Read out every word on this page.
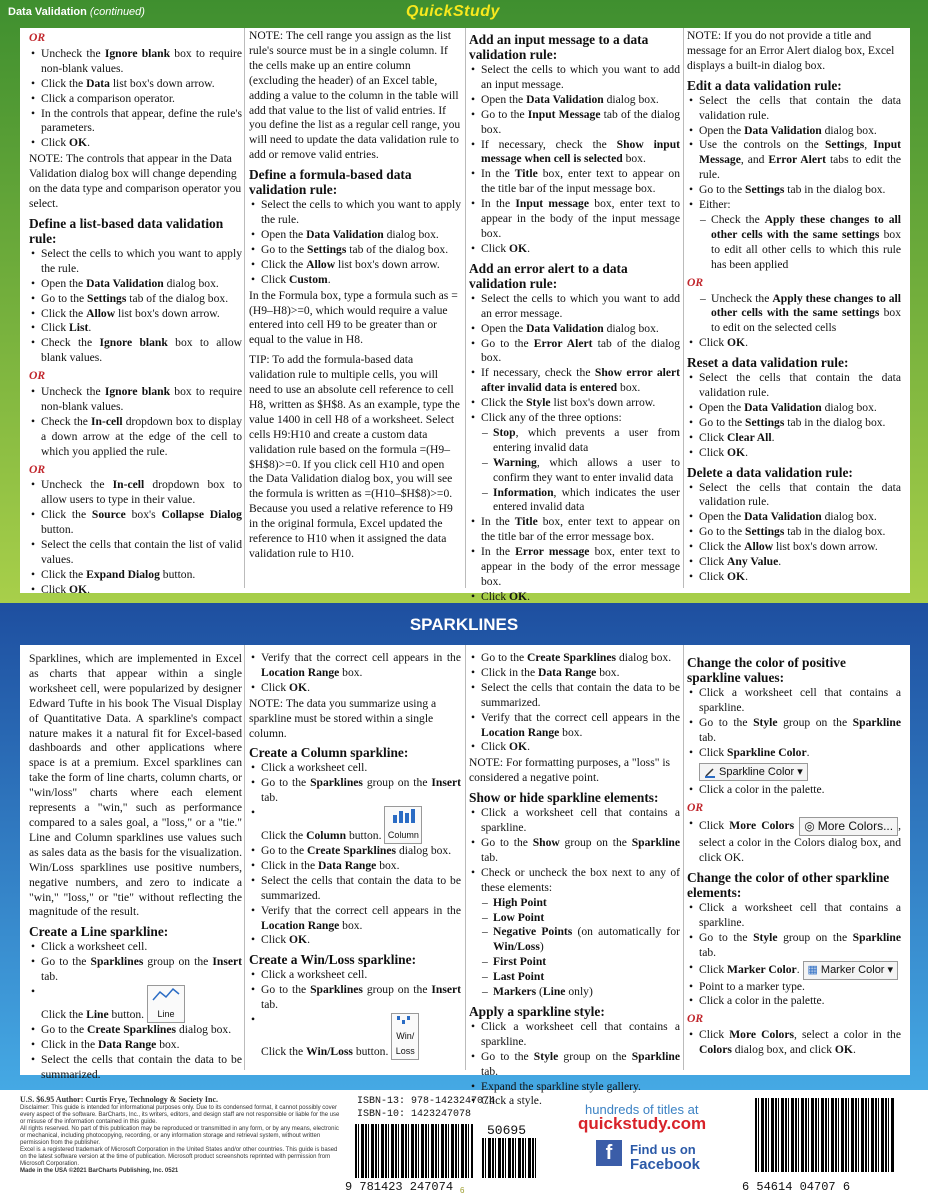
Data Validation (continued)	QuickStudy
OR
• Uncheck the Ignore blank box to require non-blank values.
• Click the Data list box's down arrow.
• Click a comparison operator.
• In the controls that appear, define the rule's parameters.
• Click OK.

NOTE: The controls that appear in the Data Validation dialog box will change depending on the data type and comparison operator you select.

Define a list-based data validation rule:
• Select the cells to which you want to apply the rule.
• Open the Data Validation dialog box.
• Go to the Settings tab of the dialog box.
• Click the Allow list box's down arrow.
• Click List.
• Check the Ignore blank box to allow blank values.
OR
• Uncheck the Ignore blank box to require non-blank values.
• Check the In-cell dropdown box to display a down arrow at the edge of the cell to which you applied the rule.
OR
• Uncheck the In-cell dropdown box to allow users to type in their value.
• Click the Source box's Collapse Dialog button.
• Select the cells that contain the list of valid values.
• Click the Expand Dialog button.
• Click OK.

NOTE: The cell range you assign as the list rule's source must be in a single column. If the cells make up an entire column (excluding the header) of an Excel table, adding a value to the column in the table will add that value to the list of valid entries. If you define the list as a regular cell range, you will need to update the data validation rule to add or remove valid entries.

Define a formula-based data validation rule:
• Select the cells to which you want to apply the rule.
• Open the Data Validation dialog box.
• Go to the Settings tab of the dialog box.
• Click the Allow list box's down arrow.
• Click Custom.

In the Formula box, type a formula such as =(H9–H8)>=0, which would require a value entered into cell H9 to be greater than or equal to the value in H8.

TIP: To add the formula-based data validation rule to multiple cells, you will need to use an absolute cell reference to cell H8, written as $H$8. As an example, type the value 1400 in cell H8 of a worksheet. Select cells H9:H10 and create a custom data validation rule based on the formula =(H9–$H$8)>=0. If you click cell H10 and open the Data Validation dialog box, you will see the formula is written as =(H10–$H$8)>=0. Because you used a relative reference to H9 in the original formula, Excel updated the reference to H10 when it assigned the data validation rule to H10.

Add an input message to a data validation rule:
• Select the cells to which you want to add an input message.
• Open the Data Validation dialog box.
• Go to the Input Message tab of the dialog box.
• If necessary, check the Show input message when cell is selected box.
• In the Title box, enter text to appear on the title bar of the input message box.
• In the Input message box, enter text to appear in the body of the input message box.
• Click OK.
Add an error alert to a data validation rule:
• Select the cells to which you want to add an error message.
• Open the Data Validation dialog box.
• Go to the Error Alert tab of the dialog box.
• If necessary, check the Show error alert after invalid data is entered box.
• Click the Style list box's down arrow.
• Click any of the three options:
– Stop, which prevents a user from entering invalid data
– Warning, which allows a user to confirm they want to enter invalid data
– Information, which indicates the user entered invalid data
• In the Title box, enter text to appear on the title bar of the error message box.
• In the Error message box, enter text to appear in the body of the error message box.
• Click OK.

NOTE: If you do not provide a title and message for an Error Alert dialog box, Excel displays a built-in dialog box.

Edit a data validation rule:
• Select the cells that contain the data validation rule.
• Open the Data Validation dialog box.
• Use the controls on the Settings, Input Message, and Error Alert tabs to edit the rule.
• Go to the Settings tab in the dialog box.
• Either:
– Check the Apply these changes to all other cells with the same settings box to edit all other cells to which this rule has been applied
OR
– Uncheck the Apply these changes to all other cells with the same settings box to edit on the selected cells
• Click OK.
Reset a data validation rule:
• Select the cells that contain the data validation rule.
• Open the Data Validation dialog box.
• Go to the Settings tab in the dialog box.
• Click Clear All.
• Click OK.
Delete a data validation rule:
• Select the cells that contain the data validation rule.
• Open the Data Validation dialog box.
• Go to the Settings tab in the dialog box.
• Click the Allow list box's down arrow.
• Click Any Value.
• Click OK.
SPARKLINES

Sparklines, which are implemented in Excel as charts that appear within a single worksheet cell, were popularized by designer Edward Tufte in his book The Visual Display of Quantitative Data. A sparkline's compact nature makes it a natural fit for Excel-based dashboards and other applications where space is at a premium. Excel sparklines can take the form of line charts, column charts, or "win/loss" charts where each element represents a "win," such as performance compared to a sales goal, a "loss," or a "tie." Line and Column sparklines use values such as sales data as the basis for the visualization. Win/Loss sparklines use positive numbers, negative numbers, and zero to indicate a "win," "loss," or "tie" without reflecting the magnitude of the result.

Create a Line sparkline:
• Click a worksheet cell.
• Go to the Sparklines group on the Insert tab.
• Click the Line button. Line
• Go to the Create Sparklines dialog box.
• Click in the Data Range box.
• Select the cells that contain the data to be summarized.
• Verify that the correct cell appears in the Location Range box.
• Click OK.

NOTE: The data you summarize using a sparkline must be stored within a single column.

Create a Column sparkline:
• Click a worksheet cell.
• Go to the Sparklines group on the Insert tab.
• Click the Column button. Column
• Go to the Create Sparklines dialog box.
• Click in the Data Range box.
• Select the cells that contain the data to be summarized.
• Verify that the correct cell appears in the Location Range box.
• Click OK.
Create a Win/Loss sparkline:
• Click a worksheet cell.
• Go to the Sparklines group on the Insert tab.
• Click the Win/Loss button.
Win/ Loss
• Go to the Create Sparklines dialog box.
• Click in the Data Range box.
• Select the cells that contain the data to be summarized.
• Verify that the correct cell appears in the Location Range box.
• Click OK.

NOTE: For formatting purposes, a "loss" is considered a negative point.

Show or hide sparkline elements:
• Click a worksheet cell that contains a sparkline.
• Go to the Show group on the Sparkline tab.
• Check or uncheck the box next to any of these elements:
– High Point
– Low Point
– Negative Points (on automatically for Win/Loss)
– First Point
– Last Point
– Markers (Line only)
Apply a sparkline style:
• Click a worksheet cell that contains a sparkline.
• Go to the Style group on the Sparkline tab.
• Expand the sparkline style gallery.
• Click a style.
Change the color of positive sparkline values:
• Click a worksheet cell that contains a sparkline.
• Go to the Style group on the Sparkline tab.
• Click Sparkline Color.
Sparkline Color ▾
• Click a color in the palette.
OR
• Click More Colors ◎ More Colors... , select a color in the Colors dialog box, and click OK.
Change the color of other sparkline elements:
• Click a worksheet cell that contains a sparkline.
• Go to the Style group on the Sparkline tab.
• Click Marker Color. ▦ Marker Color ▾
• Point to a marker type.
• Click a color in the palette.
OR
• Click More Colors, select a color in the Colors dialog box, and click OK.
U.S. $6.95 Author: Curtis Frye, Technology & Society Inc.
Disclaimer: This guide is intended for informational purposes only. Due to its condensed format, it cannot possibly cover every aspect of the software. BarCharts, Inc., its writers, editors, and design staff are not responsible or liable for the use or misuse of the information contained in this guide.
All rights reserved. No part of this publication may be reproduced or transmitted in any form, or by any means, electronic or mechanical, including photocopying, recording, or any information storage and retrieval system, without written permission from the publisher.
Excel is a registered trademark of Microsoft Corporation in the United States and/or other countries. This guide is based on the latest software version at the time of publication. Microsoft product screenshots reprinted with permission from Microsoft Corporation.
Made in the USA ©2021 BarCharts Publishing, Inc. 0521
ISBN-13: 978-1423247074
ISBN-10: 1423247078
50695
9 781423 247074
hundreds of titles at
quickstudy.com
f	Find us on
Facebook
6 54614 04707 6
6
